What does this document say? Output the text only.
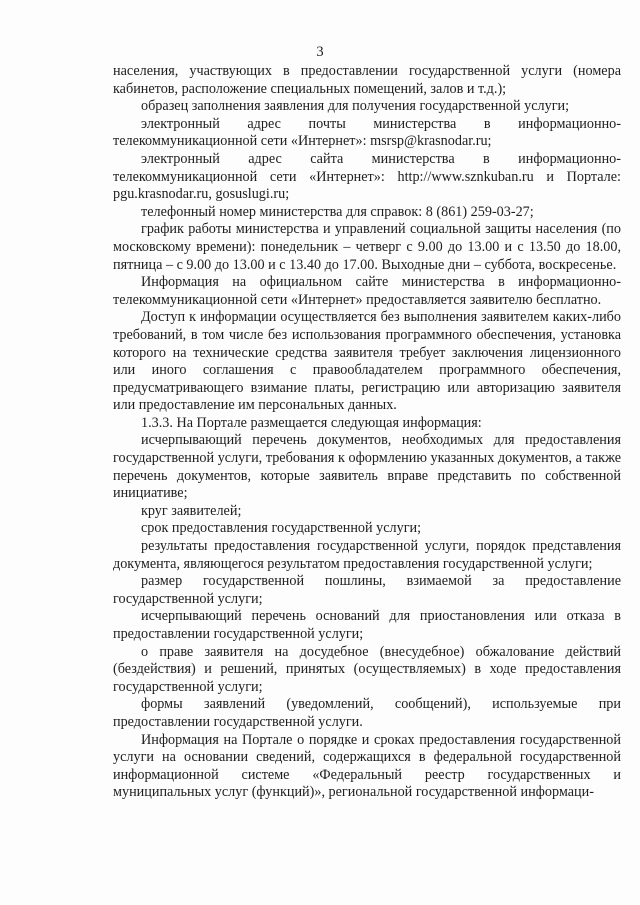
3

населения, участвующих в предоставлении государственной услуги (номера кабинетов, расположение специальных помещений, залов и т.д.);

образец заполнения заявления для получения государственной услуги;

электронный адрес почты министерства в информационно-телекоммуникационной сети «Интернет»: msrsp@krasnodar.ru;

электронный адрес сайта министерства в информационно-телекоммуникационной сети «Интернет»: http://www.sznkuban.ru и Портале: pgu.krasnodar.ru, gosuslugi.ru;

телефонный номер министерства для справок: 8 (861) 259-03-27;

график работы министерства и управлений социальной защиты населения (по московскому времени): понедельник – четверг с 9.00 до 13.00 и с 13.50 до 18.00, пятница – с 9.00 до 13.00 и с 13.40 до 17.00. Выходные дни – суббота, воскресенье.

Информация на официальном сайте министерства в информационно-телекоммуникационной сети «Интернет» предоставляется заявителю бесплатно.

Доступ к информации осуществляется без выполнения заявителем каких-либо требований, в том числе без использования программного обеспечения, установка которого на технические средства заявителя требует заключения лицензионного или иного соглашения с правообладателем программного обеспечения, предусматривающего взимание платы, регистрацию или авторизацию заявителя или предоставление им персональных данных.

1.3.3. На Портале размещается следующая информация:

исчерпывающий перечень документов, необходимых для предоставления государственной услуги, требования к оформлению указанных документов, а также перечень документов, которые заявитель вправе представить по собственной инициативе;

круг заявителей;

срок предоставления государственной услуги;

результаты предоставления государственной услуги, порядок представления документа, являющегося результатом предоставления государственной услуги;

размер государственной пошлины, взимаемой за предоставление государственной услуги;

исчерпывающий перечень оснований для приостановления или отказа в предоставлении государственной услуги;

о праве заявителя на досудебное (внесудебное) обжалование действий (бездействия) и решений, принятых (осуществляемых) в ходе предоставления государственной услуги;

формы заявлений (уведомлений, сообщений), используемые при предоставлении государственной услуги.

Информация на Портале о порядке и сроках предоставления государственной услуги на основании сведений, содержащихся в федеральной государственной информационной системе «Федеральный реестр государственных и муниципальных услуг (функций)», региональной государственной информаци-
